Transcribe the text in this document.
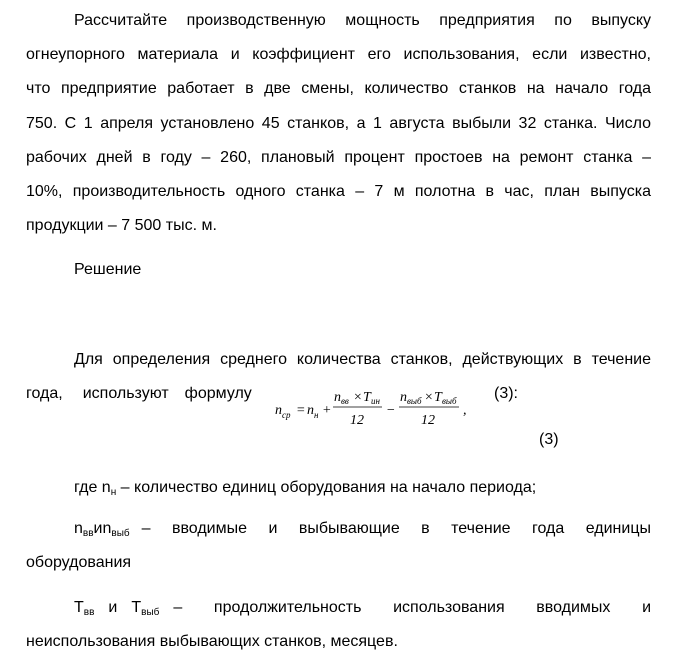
Рассчитайте производственную мощность предприятия по выпуску
огнеупорного материала и коэффициент его использования, если известно,
что предприятие работает в две смены, количество станков на начало года
750. С 1 апреля установлено 45 станков, а 1 августа выбыли 32 станка. Число
рабочих дней в году – 260, плановый процент простоев на ремонт станка –
10%, производительность одного станка – 7 м полотна в час, план выпуска
продукции – 7 500 тыс. м.
Решение
Для определения среднего количества станков, действующих в течение
года, используют формулу	(3):
n ср = n н +
n вв × T ин
12
−
n выб × T выб
12
,
(3)
где $n_н$ – количество единиц оборудования на начало периода;
$n_{вв}$ и $n_{выб}$ – вводимые и выбывающие в течение года единицы
оборудования
$Т_{вв}$ и $Т_{выб}$ – продолжительность использования вводимых и
неиспользования выбывающих станков, месяцев.
